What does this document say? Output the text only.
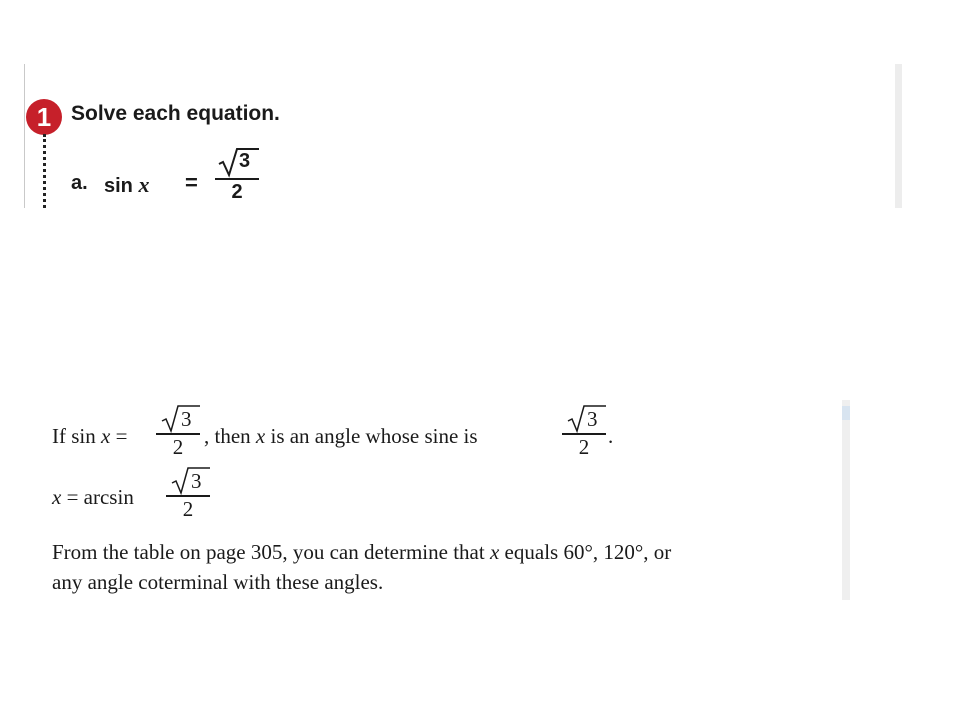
1 Solve each equation.
a. sin x =
3
2
If sin x =
3
2 , then x is an angle whose sine is
3
2 .
x = arcsin
3
2
From the table on page 305, you can determine that x equals 60°, 120°, or
any angle coterminal with these angles.
